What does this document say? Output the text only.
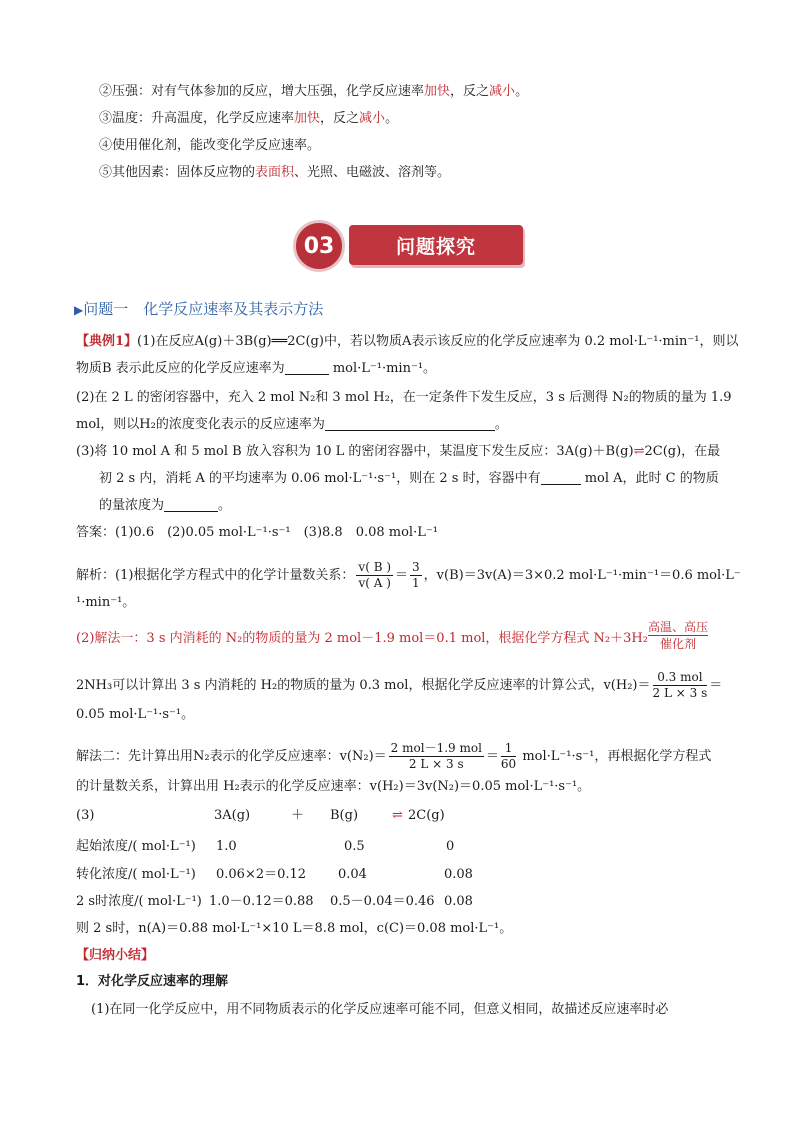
②压强：对有气体参加的反应，增大压强，化学反应速率加快，反之减小。
③温度：升高温度，化学反应速率加快，反之减小。
④使用催化剂，能改变化学反应速率。
⑤其他因素：固体反应物的表面积、光照、电磁波、溶剂等。
03	问题探究
▶问题一　化学反应速率及其表示方法
【典例1】(1)在反应A(g)＋3B(g)══2C(g)中，若以物质A表示该反应的化学反应速率为 0.2 mol·L⁻¹·min⁻¹，则以
物质B 表示此反应的化学反应速率为	mol·L⁻¹·min⁻¹。
(2)在 2 L 的密闭容器中，充入 2 mol N₂和 3 mol H₂，在一定条件下发生反应，3 s 后测得 N₂的物质的量为 1.9
mol，则以H₂的浓度变化表示的反应速率为	。
(3)将 10 mol A 和 5 mol B 放入容积为 10 L 的密闭容器中，某温度下发生反应：3A(g)＋B(g)⇌2C(g)，在最
初 2 s 内，消耗 A 的平均速率为 0.06 mol·L⁻¹·s⁻¹，则在 2 s 时，容器中有	mol A，此时 C 的物质
的量浓度为	。
答案：(1)0.6　(2)0.05 mol·L⁻¹·s⁻¹　(3)8.8　0.08 mol·L⁻¹
解析：(1)根据化学方程式中的化学计量数关系： $\frac{v( B )}{v( A )} = \frac{3}{1}$ ，v(B)＝3v(A)＝3×0.2 mol·L⁻¹·min⁻¹＝0.6 mol·L⁻
¹·min⁻¹。
(2)解法一：3 s 内消耗的 N₂的物质的量为 2 mol－1.9 mol＝0.1 mol，根据化学方程式 N₂＋3H₂
高温、高压
催化剂
2NH₃可以计算出 3 s 内消耗的 H₂的物质的量为 0.3 mol，根据化学反应速率的计算公式，$v(H_2)= \frac{\text{0.3 mol}}{2 L \times 3 s}$ ＝
0.05 mol·L⁻¹·s⁻¹。
解法二：先计算出用N₂表示的化学反应速率：$v(N_2)= \frac{\text{2 mol－1.9 mol}}{2 L \times 3 s} = \frac{1}{60} mol\cdot L^{-1}\cdot s^{-1}$，再根据化学方程式
的计量数关系，计算出用 H₂表示的化学反应速率：v(H₂)＝3v(N₂)＝0.05 mol·L⁻¹·s⁻¹。
(3)	3A(g)	＋ B(g)	⇌ 2C(g)
起始浓度/( mol·L⁻¹) 1.0	0.5	0
转化浓度/( mol·L⁻¹) 0.06×2＝0.12 0.04	0.08
2 s时浓度/( mol·L⁻¹) 1.0－0.12＝0.88 0.5－0.04＝0.46 0.08
则 2 s时，n(A)＝0.88 mol·L⁻¹×10 L＝8.8 mol，c(C)＝0.08 mol·L⁻¹。
【归纳小结】
1．对化学反应速率的理解
(1)在同一化学反应中，用不同物质表示的化学反应速率可能不同，但意义相同，故描述反应速率时必
